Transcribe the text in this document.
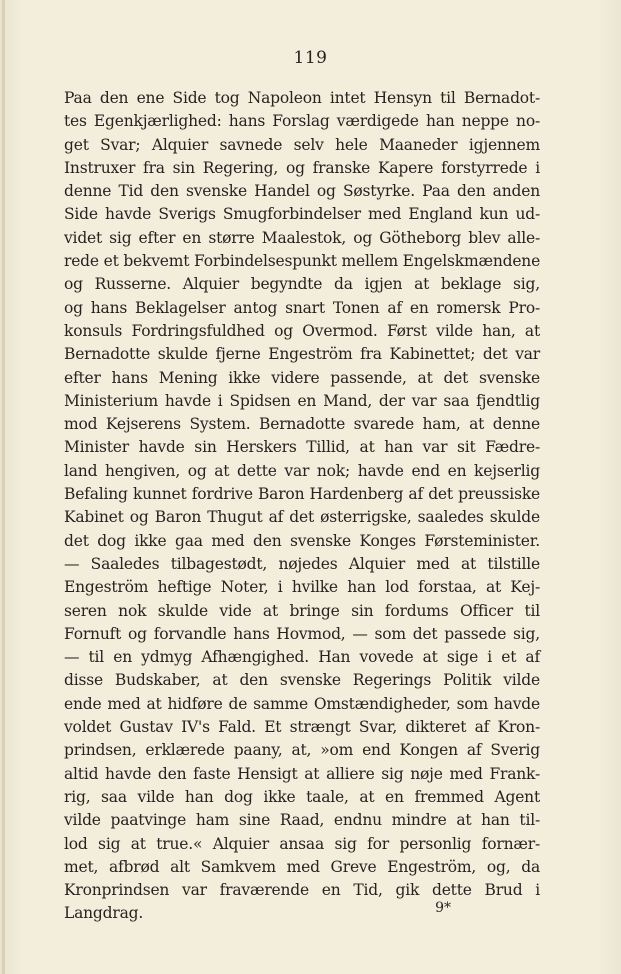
119
Paa den ene Side tog Napoleon intet Hensyn til Bernadot-
tes Egenkjærlighed: hans Forslag værdigede han neppe no-
get Svar; Alquier savnede selv hele Maaneder igjennem
Instruxer fra sin Regering, og franske Kapere forstyrrede i
denne Tid den svenske Handel og Søstyrke. Paa den anden
Side havde Sverigs Smugforbindelser med England kun ud-
videt sig efter en større Maalestok, og Götheborg blev alle-
rede et bekvemt Forbindelsespunkt mellem Engelskmændene
og Russerne. Alquier begyndte da igjen at beklage sig,
og hans Beklagelser antog snart Tonen af en romersk Pro-
konsuls Fordringsfuldhed og Overmod. Først vilde han, at
Bernadotte skulde fjerne Engeström fra Kabinettet; det var
efter hans Mening ikke videre passende, at det svenske
Ministerium havde i Spidsen en Mand, der var saa fjendtlig
mod Kejserens System. Bernadotte svarede ham, at denne
Minister havde sin Herskers Tillid, at han var sit Fædre-
land hengiven, og at dette var nok; havde end en kejserlig
Befaling kunnet fordrive Baron Hardenberg af det preussiske
Kabinet og Baron Thugut af det østerrigske, saaledes skulde
det dog ikke gaa med den svenske Konges Førsteminister.
— Saaledes tilbagestødt, nøjedes Alquier med at tilstille
Engeström heftige Noter, i hvilke han lod forstaa, at Kej-
seren nok skulde vide at bringe sin fordums Officer til
Fornuft og forvandle hans Hovmod, — som det passede sig,
— til en ydmyg Afhængighed. Han vovede at sige i et af
disse Budskaber, at den svenske Regerings Politik vilde
ende med at hidføre de samme Omstændigheder, som havde
voldet Gustav IV's Fald. Et strængt Svar, dikteret af Kron-
prindsen, erklærede paany, at, »om end Kongen af Sverig
altid havde den faste Hensigt at alliere sig nøje med Frank-
rig, saa vilde han dog ikke taale, at en fremmed Agent
vilde paatvinge ham sine Raad, endnu mindre at han til-
lod sig at true.« Alquier ansaa sig for personlig fornær-
met, afbrød alt Samkvem med Greve Engeström, og, da
Kronprindsen var fraværende en Tid, gik dette Brud i
Langdrag.	9*
